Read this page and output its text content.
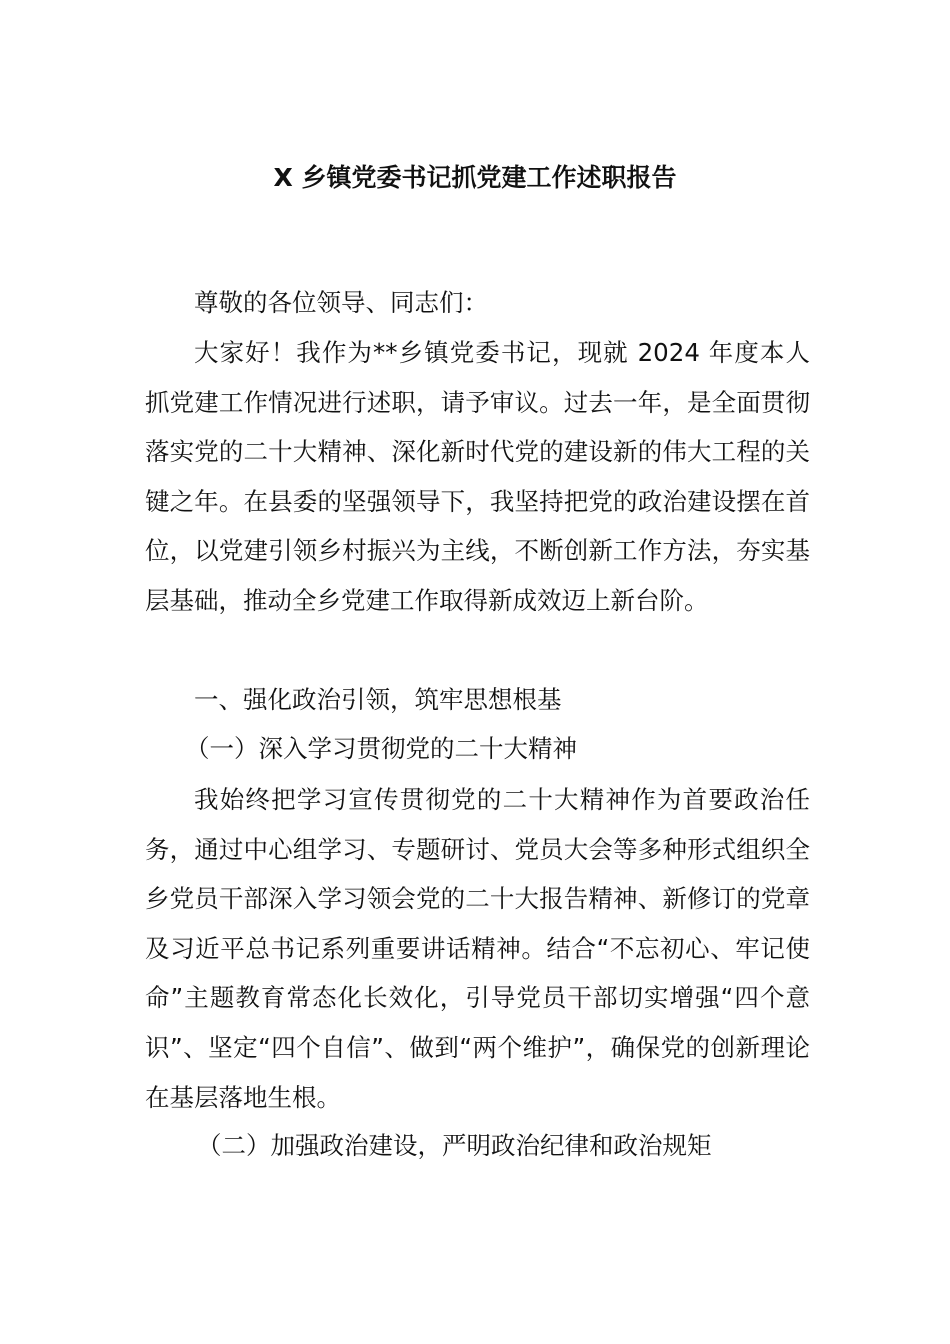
X 乡镇党委书记抓党建工作述职报告
尊敬的各位领导、同志们：
大家好！我作为**乡镇党委书记，现就 2024 年度本人抓党建工作情况进行述职，请予审议。过去一年，是全面贯彻落实党的二十大精神、深化新时代党的建设新的伟大工程的关键之年。在县委的坚强领导下，我坚持把党的政治建设摆在首位，以党建引领乡村振兴为主线，不断创新工作方法，夯实基层基础，推动全乡党建工作取得新成效迈上新台阶。
一、强化政治引领，筑牢思想根基
（一）深入学习贯彻党的二十大精神
我始终把学习宣传贯彻党的二十大精神作为首要政治任务，通过中心组学习、专题研讨、党员大会等多种形式组织全乡党员干部深入学习领会党的二十大报告精神、新修订的党章及习近平总书记系列重要讲话精神。结合“不忘初心、牢记使命”主题教育常态化长效化，引导党员干部切实增强“四个意识”、坚定“四个自信”、做到“两个维护”，确保党的创新理论在基层落地生根。
（二）加强政治建设，严明政治纪律和政治规矩
